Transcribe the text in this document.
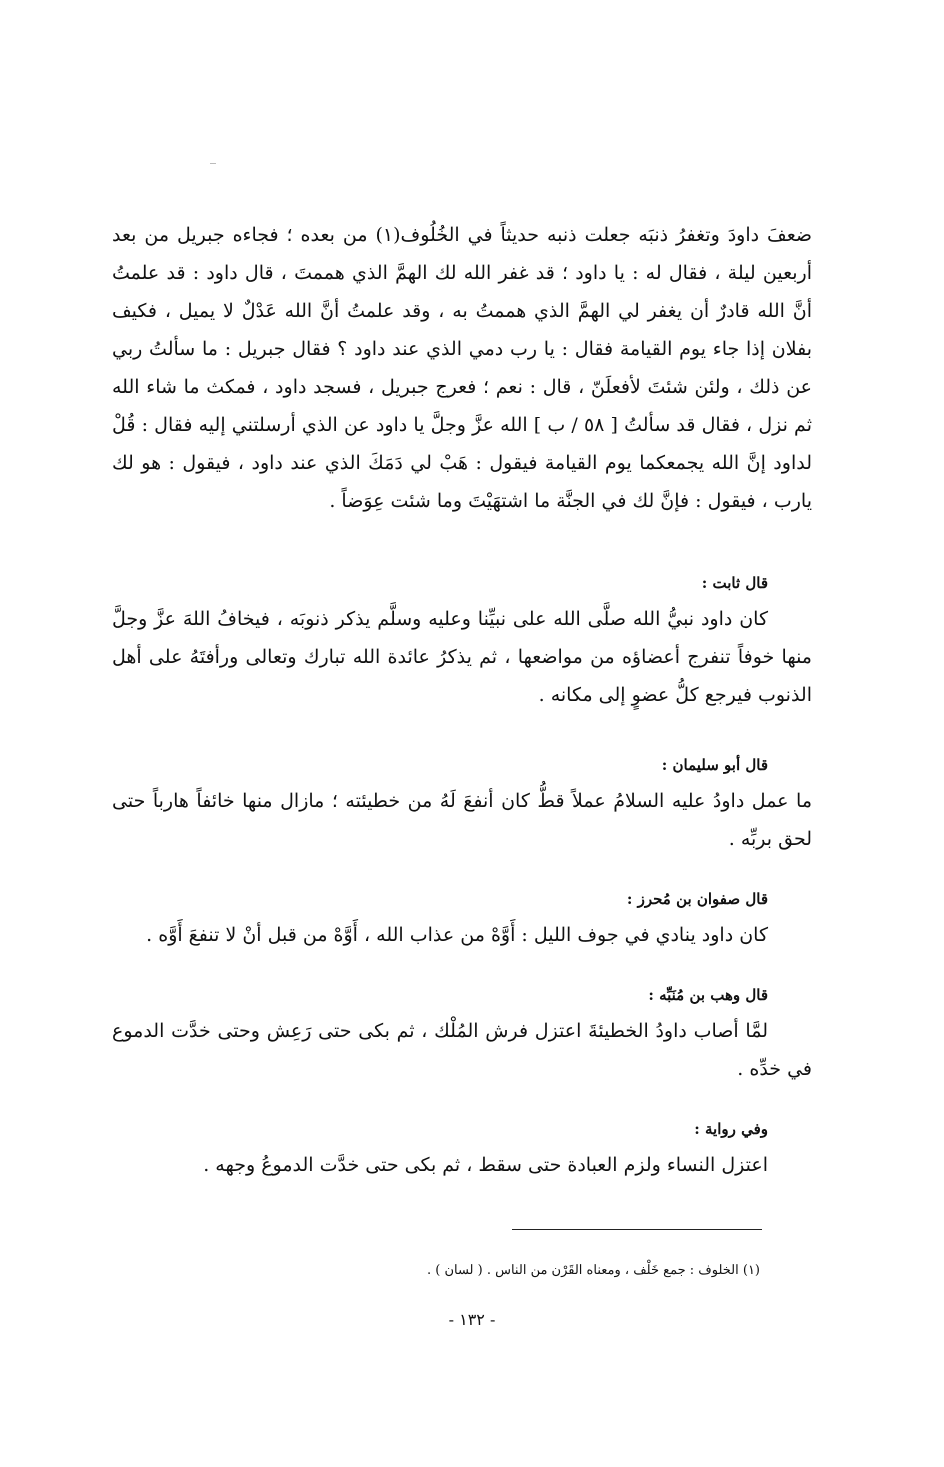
ضعفَ داودَ وتغفرُ ذنبَه جعلت ذنبه حديثاً في الخُلُوف(١) من بعده ؛ فجاءه جبريل من بعد أربعين ليلة ، فقال له : يا داود ؛ قد غفر الله لك الهمَّ الذي هممتَ ، قال داود : قد علمتُ أنَّ الله قادرٌ أن يغفر لي الهمَّ الذي هممتُ به ، وقد علمتُ أنَّ الله عَدْلٌ لا يميل ، فكيف بفلان إذا جاء يوم القيامة فقال : يا رب دمي الذي عند داود ؟ فقال جبريل : ما سألتُ ربي عن ذلك ، ولئن شئتَ لأفعلَنّ ، قال : نعم ؛ فعرج جبريل ، فسجد داود ، فمكث ما شاء الله ثم نزل ، فقال قد سألتُ [ ٥٨ / ب ] الله عزَّ وجلَّ يا داود عن الذي أرسلتني إليه فقال : قُلْ لداود إنَّ الله يجمعكما يوم القيامة فيقول : هَبْ لي دَمَكَ الذي عند داود ، فيقول : هو لك يارب ، فيقول : فإنَّ لك في الجنَّة ما اشتهَيْتَ وما شئت عِوَضاً .

قال ثابت :

كان داود نبيُّ الله صلَّى الله على نبيِّنا وعليه وسلَّم يذكر ذنوبَه ، فيخافُ اللهَ عزَّ وجلَّ منها خوفاً تنفرج أعضاؤه من مواضعها ، ثم يذكرُ عائدة الله تبارك وتعالى ورأفتَهُ على أهل الذنوب فيرجع كلُّ عضوٍ إلى مكانه .

قال أبو سليمان :

ما عمل داودُ عليه السلامُ عملاً قطُّ كان أنفعَ لَهُ من خطيئته ؛ مازال منها خائفاً هارباً حتى لحق بربِّه .

قال صفوان بن مُحرز :

كان داود ينادي في جوف الليل : أَوَّهْ من عذاب الله ، أَوَّهْ من قبل أنْ لا تنفعَ أَوَّه .

قال وهب بن مُنَبِّه :

لمَّا أصاب داودُ الخطيئةَ اعتزل فرش المُلْك ، ثم بكى حتى رَعِش وحتى خدَّت الدموع في خدِّه .

وفي رواية :

اعتزل النساء ولزم العبادة حتى سقط ، ثم بكى حتى خدَّت الدموعُ وجهه .

(١) الخلوف : جمع خَلْف ، ومعناه القَرْن من الناس . ( لسان ) .
- ١٣٢ -
